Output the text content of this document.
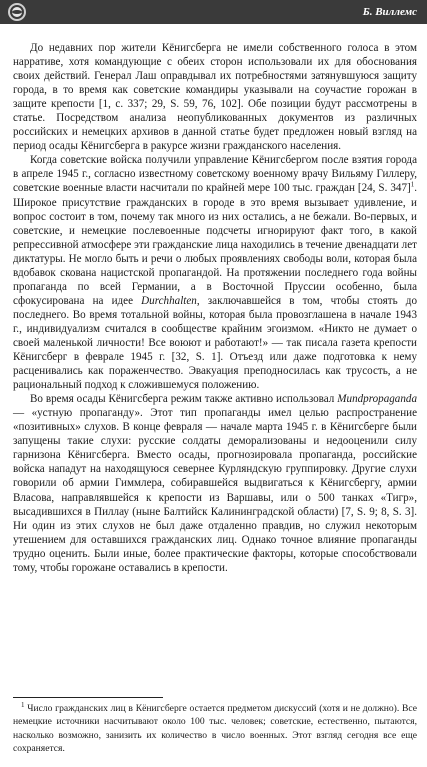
Б. Виллемс

До недавних пор жители Кёнигсберга не имели собственного голоса в этом нарративе, хотя командующие с обеих сторон использовали их для обоснования своих действий. Генерал Лаш оправдывал их потребностями затянувшуюся защиту города, в то время как советские командиры указывали на соучастие горожан в защите крепости [1, с. 337; 29, S. 59, 76, 102]. Обе позиции будут рассмотрены в статье. Посредством анализа неопубликованных документов из различных российских и немецких архивов в данной статье будет предложен новый взгляд на период осады Кёнигсберга в ракурсе жизни гражданского населения.

Когда советские войска получили управление Кёнигсбергом после взятия города в апреле 1945 г., согласно известному советскому военному врачу Вильяму Гиллеру, советские военные власти насчитали по крайней мере 100 тыс. граждан [24, S. 347]$^1$. Широкое присутствие гражданских в городе в это время вызывает удивление, и вопрос состоит в том, почему так много из них остались, а не бежали. Во-первых, и советские, и немецкие послевоенные подсчеты игнорируют факт того, в какой репрессивной атмосфере эти гражданские лица находились в течение двенадцати лет диктатуры. Не могло быть и речи о любых проявлениях свободы воли, которая была вдобавок скована нацистской пропагандой. На протяжении последнего года войны пропаганда по всей Германии, а в Восточной Пруссии особенно, была сфокусирована на идее Durchhalten, заключавшейся в том, чтобы стоять до последнего. Во время тотальной войны, которая была провозглашена в начале 1943 г., индивидуализм считался в сообществе крайним эгоизмом. «Никто не думает о своей маленькой личности! Все воюют и работают!» — так писала газета крепости Кёнигсберг в феврале 1945 г. [32, S. 1]. Отъезд или даже подготовка к нему расценивались как пораженчество. Эвакуация преподносилась как трусость, а не рациональный подход к сложившемуся положению.

Во время осады Кёнигсберга режим также активно использовал Mundpropaganda — «устную пропаганду». Этот тип пропаганды имел целью распространение «позитивных» слухов. В конце февраля — начале марта 1945 г. в Кёнигсберге были запущены такие слухи: русские солдаты деморализованы и недооценили силу гарнизона Кёнигсберга. Вместо осады, прогнозировала пропаганда, российские войска нападут на находящуюся севернее Курляндскую группировку. Другие слухи говорили об армии Гиммлера, собиравшейся выдвигаться к Кёнигсбергу, армии Власова, направлявшейся к крепости из Варшавы, или о 500 танках «Тигр», высадившихся в Пиллау (ныне Балтийск Калининградской области) [7, S. 9; 8, S. 3]. Ни один из этих слухов не был даже отдаленно правдив, но служил некоторым утешением для оставшихся гражданских лиц. Однако точное влияние пропаганды трудно оценить. Были иные, более практические факторы, которые способствовали тому, чтобы горожане оставались в крепости.

$^1$ Число гражданских лиц в Кёнигсберге остается предметом дискуссий (хотя и не должно). Все немецкие источники насчитывают около 100 тыс. человек; советские, естественно, пытаются, насколько возможно, занизить их количество в число военных. Этот взгляд сегодня все еще сохраняется.
